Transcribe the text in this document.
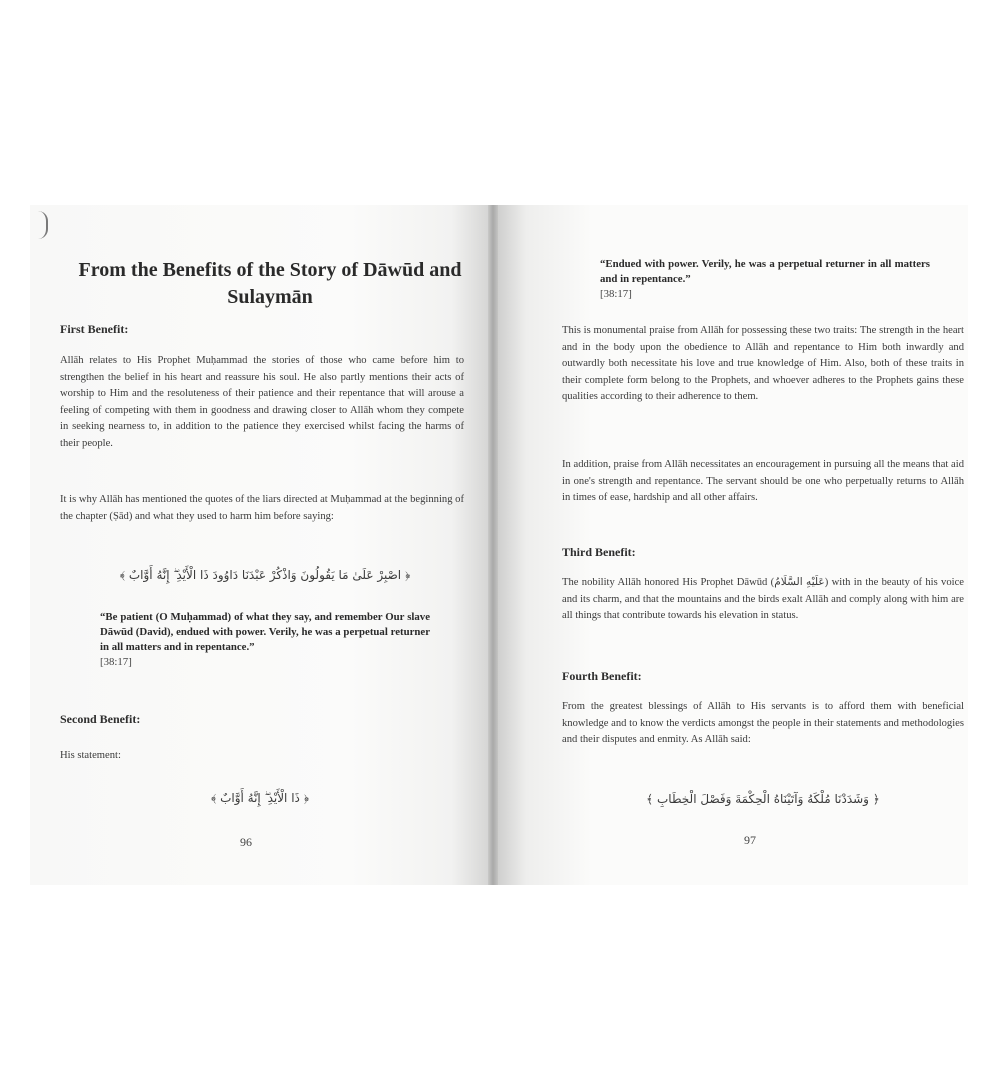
From the Benefits of the Story of Dāwūd and Sulaymān
First Benefit:
Allāh relates to His Prophet Muḥammad the stories of those who came before him to strengthen the belief in his heart and reassure his soul. He also partly mentions their acts of worship to Him and the resoluteness of their patience and their repentance that will arouse a feeling of competing with them in goodness and drawing closer to Allāh whom they compete in seeking nearness to, in addition to the patience they exercised whilst facing the harms of their people.
It is why Allāh has mentioned the quotes of the liars directed at Muḥammad at the beginning of the chapter (Ṣād) and what they used to harm him before saying:
﴿ اصْبِرْ عَلَىٰ مَا يَقُولُونَ وَاذْكُرْ عَبْدَنَا دَاوُودَ ذَا الْأَيْدِ ۖ إِنَّهُ أَوَّابٌ ﴾
“Be patient (O Muḥammad) of what they say, and remember Our slave Dāwūd (David), endued with power. Verily, he was a perpetual returner in all matters and in repentance.”
[38:17]
Second Benefit:
His statement:
﴿ ذَا الْأَيْدِ ۖ إِنَّهُ أَوَّابٌ ﴾
96
“Endued with power. Verily, he was a perpetual returner in all matters and in repentance.”
[38:17]
This is monumental praise from Allāh for possessing these two traits: The strength in the heart and in the body upon the obedience to Allāh and repentance to Him both inwardly and outwardly both necessitate his love and true knowledge of Him. Also, both of these traits in their complete form belong to the Prophets, and whoever adheres to the Prophets gains these qualities according to their adherence to them.
In addition, praise from Allāh necessitates an encouragement in pursuing all the means that aid in one's strength and repentance. The servant should be one who perpetually returns to Allāh in times of ease, hardship and all other affairs.
Third Benefit:
The nobility Allāh honored His Prophet Dāwūd (عَلَيْهِ السَّلَامُ) with in the beauty of his voice and its charm, and that the mountains and the birds exalt Allāh and comply along with him are all things that contribute towards his elevation in status.
Fourth Benefit:
From the greatest blessings of Allāh to His servants is to afford them with beneficial knowledge and to know the verdicts amongst the people in their statements and methodologies and their disputes and enmity. As Allāh said:
﴿ وَشَدَدْنَا مُلْكَهُ وَآتَيْنَاهُ الْحِكْمَةَ وَفَصْلَ الْخِطَابِ ﴾
97
